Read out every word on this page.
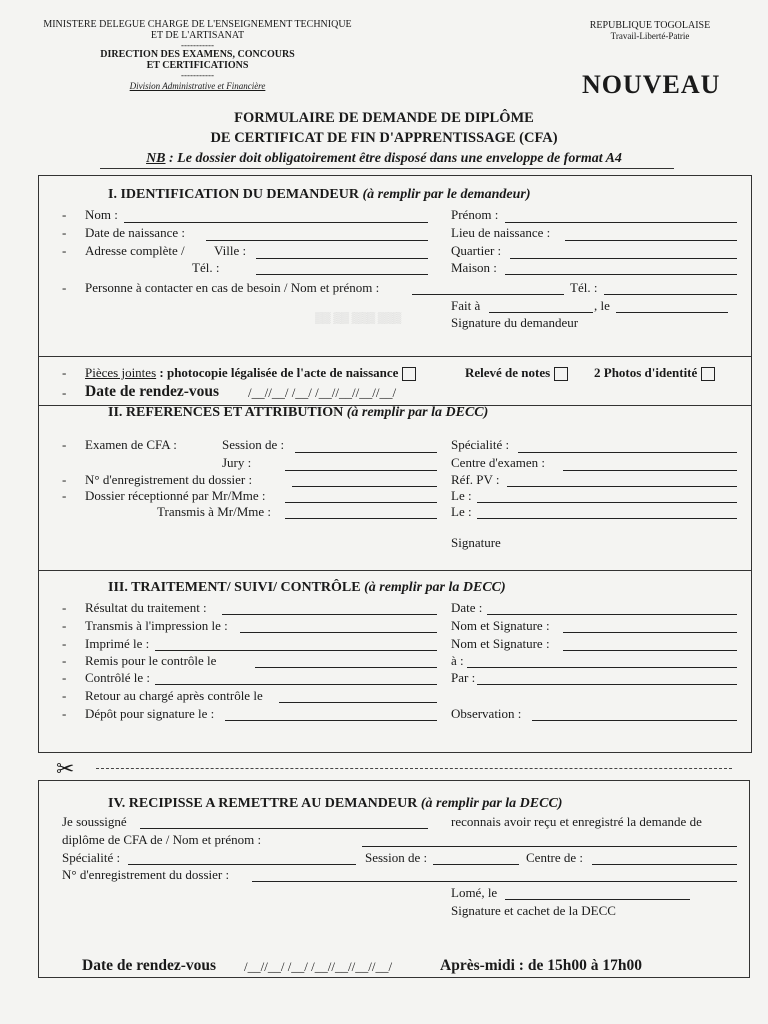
MINISTERE DELEGUE CHARGE DE L'ENSEIGNEMENT TECHNIQUE
ET DE L'ARTISANAT
-----------
DIRECTION DES EXAMENS, CONCOURS
ET CERTIFICATIONS
-----------
Division Administrative et Financière
REPUBLIQUE TOGOLAISE
Travail-Liberté-Patrie
NOUVEAU
FORMULAIRE DE DEMANDE DE DIPLÔME
DE CERTIFICAT DE FIN D'APPRENTISSAGE (CFA)
NB : Le dossier doit obligatoirement être disposé dans une enveloppe de format A4
I. IDENTIFICATION DU DEMANDEUR (à remplir par le demandeur)
- Nom :	Prénom :
- Date de naissance :	Lieu de naissance :
- Adresse complète / Ville :	Quartier :
Tél. :	Maison :
- Personne à contacter en cas de besoin / Nom et prénom :	Tél. :
Fait à	, le
Signature du demandeur
▒▒ ▒▒ ▒▒▒ ▒▒▒
- Pièces jointes : photocopie légalisée de l'acte de naissance	Relevé de notes	2 Photos d'identité
- Date de rendez-vous /__//__/ /__/ /__//__//__//__/
II. REFERENCES ET ATTRIBUTION (à remplir par la DECC)
- Examen de CFA :	Session de :	Spécialité :
Jury :	Centre d'examen :
- N° d'enregistrement du dossier :	Réf. PV :
- Dossier réceptionné par Mr/Mme :	Le :
Transmis à Mr/Mme :	Le :
Signature
III. TRAITEMENT/ SUIVI/ CONTRÔLE (à remplir par la DECC)
- Résultat du traitement :	Date :
- Transmis à l'impression le :	Nom et Signature :
- Imprimé le :	Nom et Signature :
- Remis pour le contrôle le	à :
- Contrôlé le :	Par :
- Retour au chargé après contrôle le
- Dépôt pour signature le :	Observation :
✂
IV. RECIPISSE A REMETTRE AU DEMANDEUR (à remplir par la DECC)
Je soussigné	reconnais avoir reçu et enregistré la demande de
diplôme de CFA de / Nom et prénom :
Spécialité :	Session de :	Centre de :
N° d'enregistrement du dossier :
Lomé, le
Signature et cachet de la DECC
Date de rendez-vous /__//__/ /__/ /__//__//__//__/	Après-midi : de 15h00 à 17h00
